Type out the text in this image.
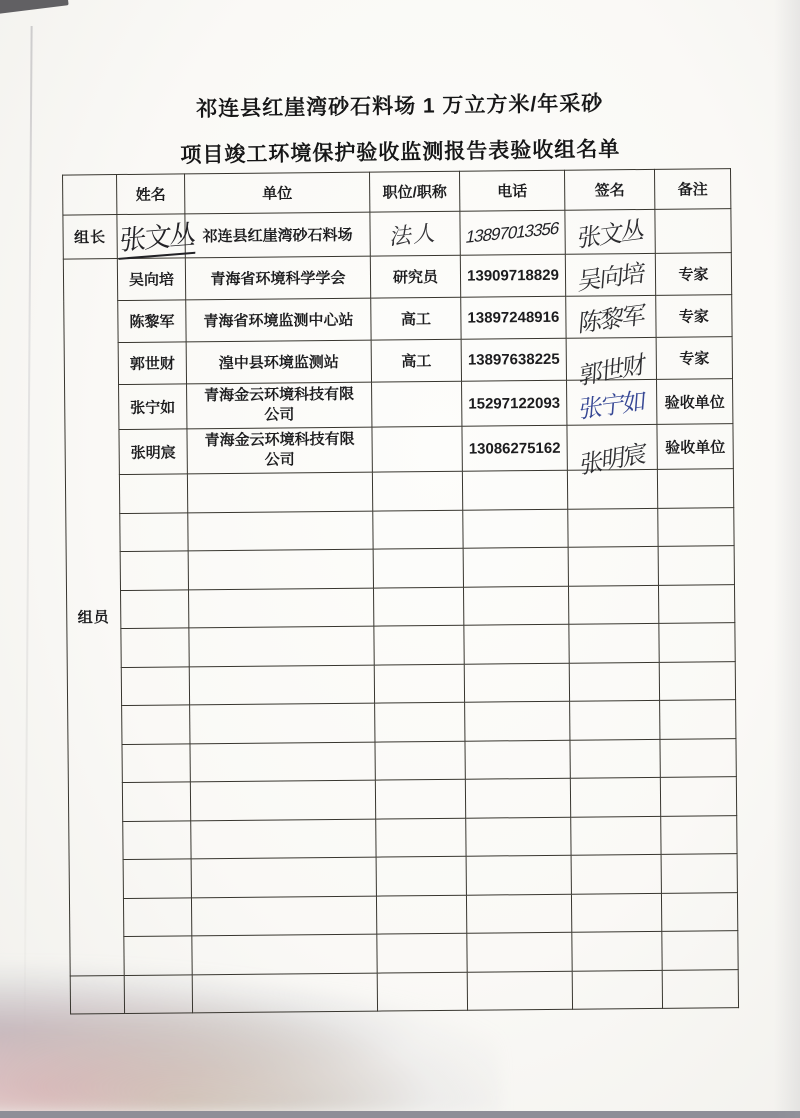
祁连县红崖湾砂石料场 1 万立方米/年采砂
项目竣工环境保护验收监测报告表验收组名单
	姓名	单位	职位/职称	电话	签名	备注
组长	张文丛	祁连县红崖湾砂石料场	法人	13897013356	张文丛	
组员	吴向培	青海省环境科学学会	研究员	13909718829	吴向培	专家
	陈黎军	青海省环境监测中心站	高工	13897248916	陈黎军	专家
	郭世财	湟中县环境监测站	高工	13897638225	郭世财	专家
	张宁如	青海金云环境科技有限公司		15297122093	张宁如	验收单位
	张明宸	青海金云环境科技有限公司		13086275162	张明宸	验收单位
